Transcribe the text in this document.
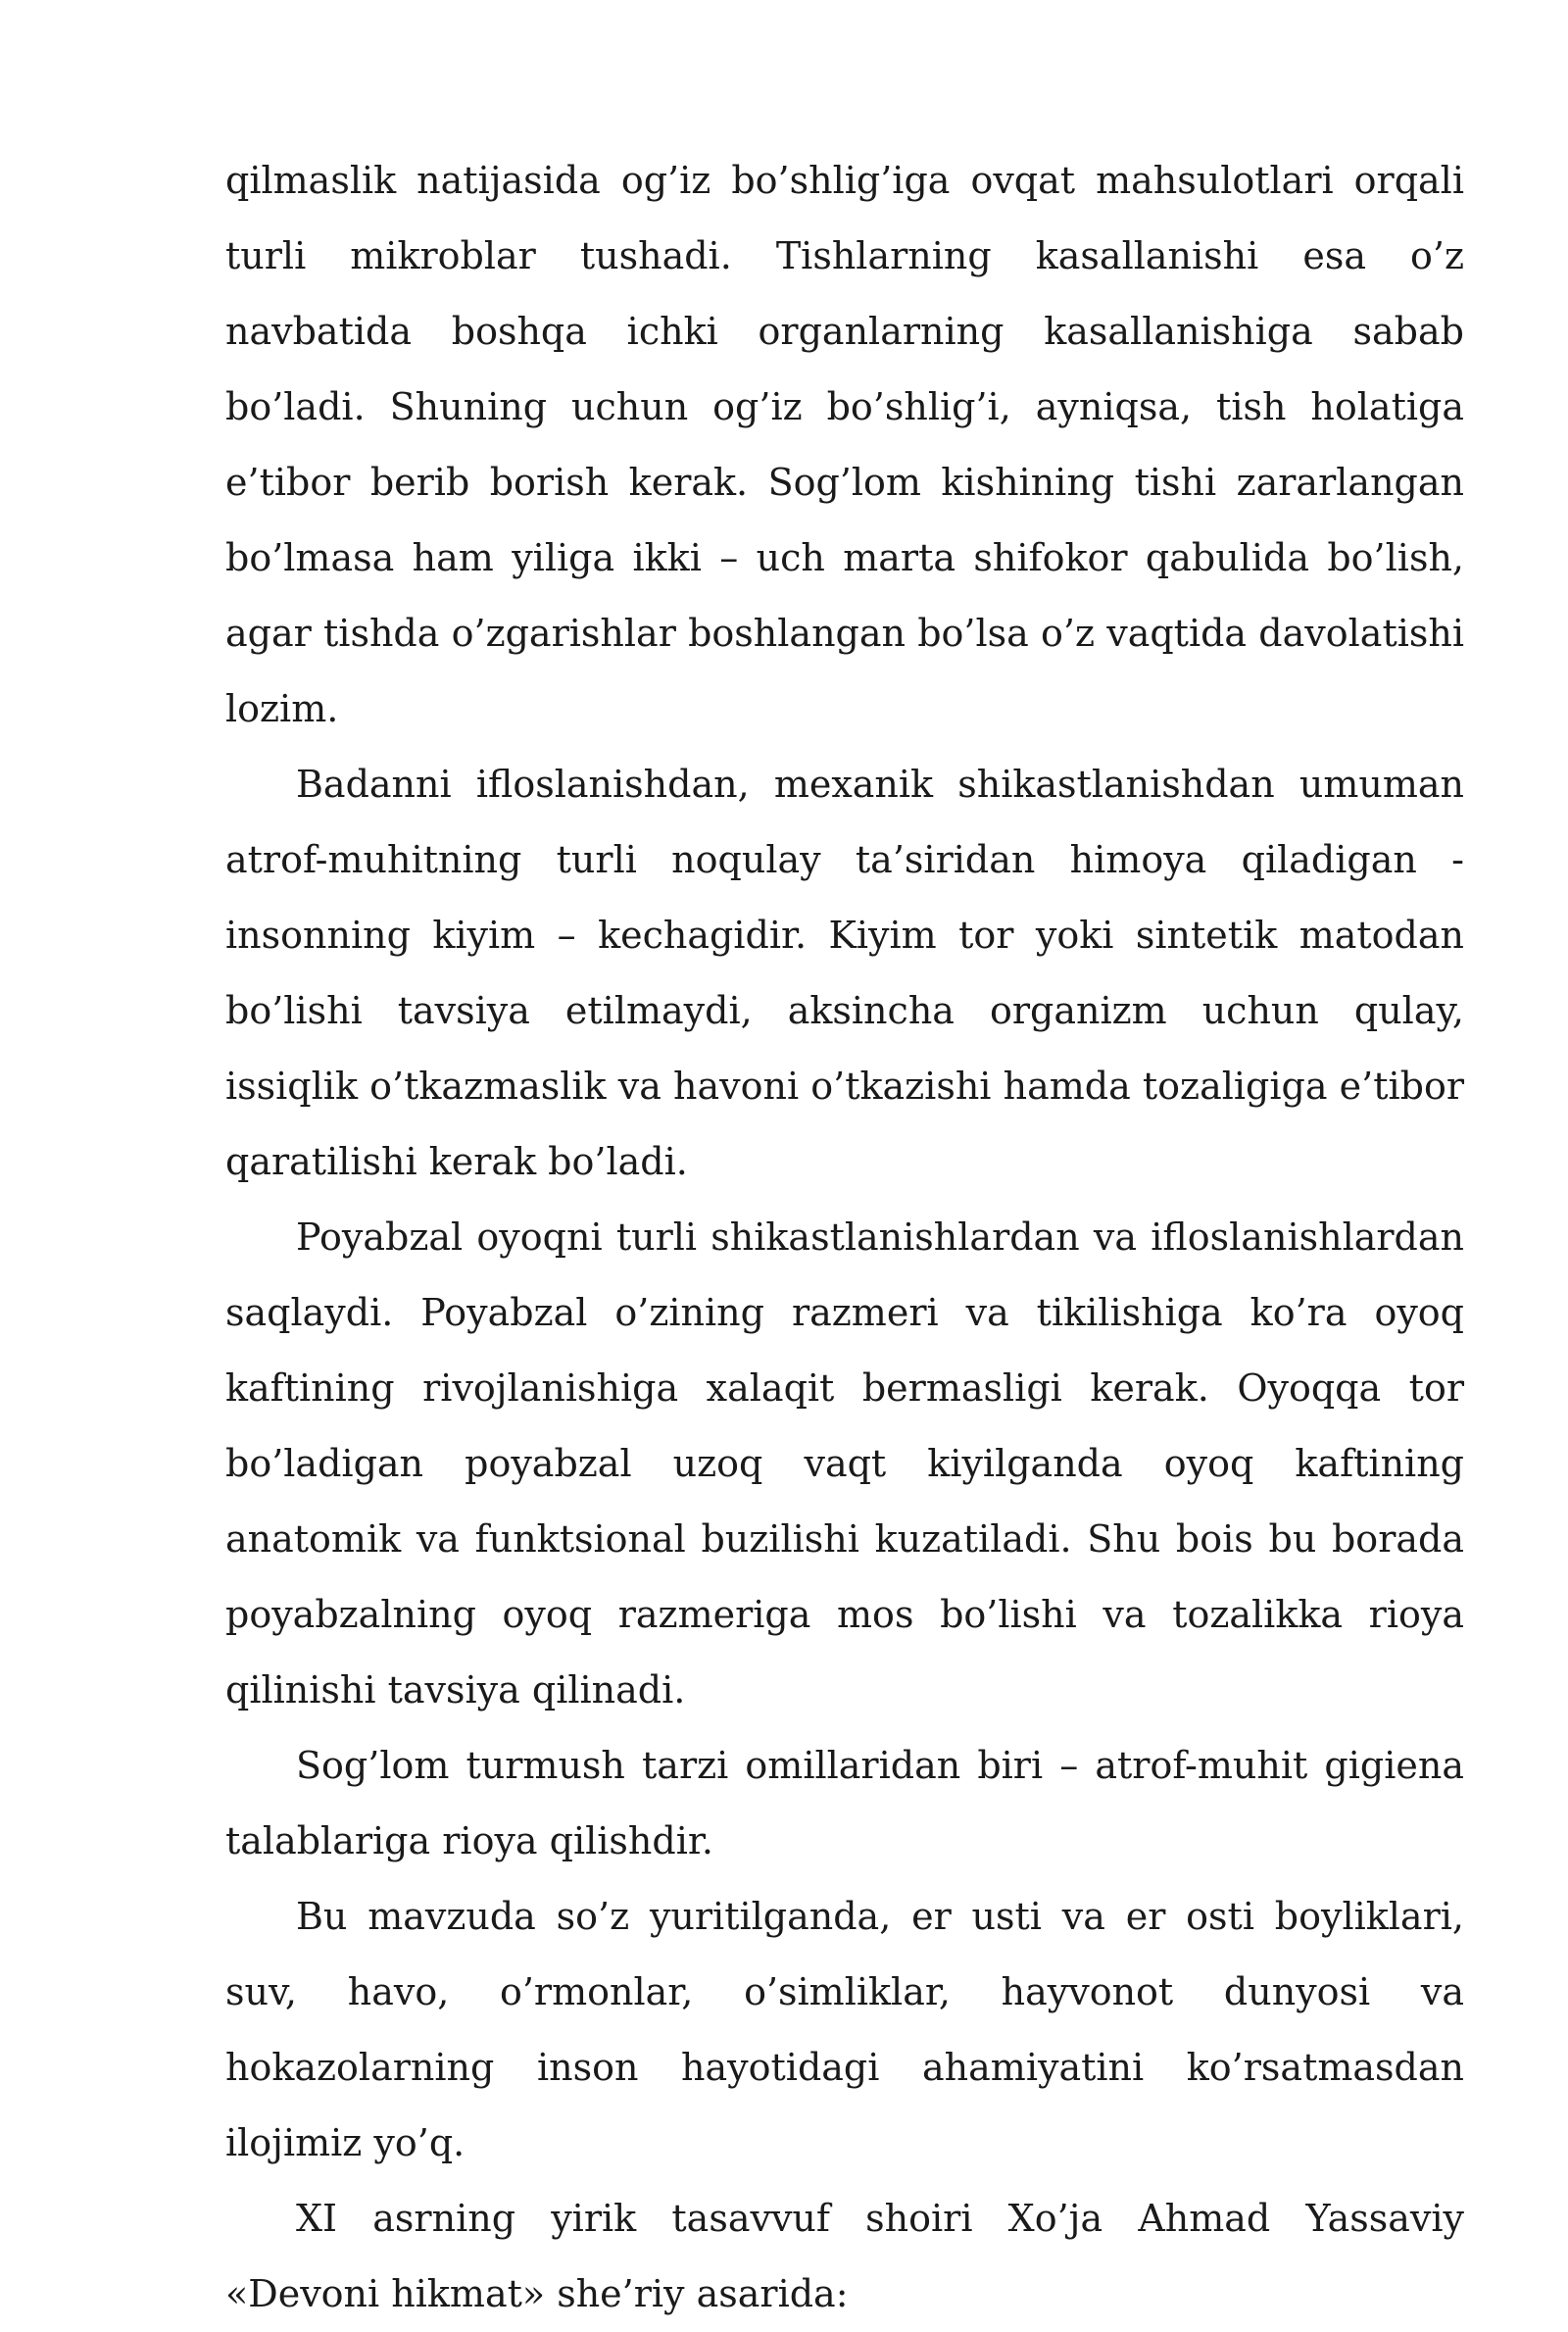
qilmaslik natijasida og’iz bo’shlig’iga ovqat mahsulotlari orqali turli mikroblar tushadi. Tishlarning kasallanishi esa o’z navbatida boshqa ichki organlarning kasallanishiga sabab bo’ladi. Shuning uchun og’iz bo’shlig’i, ayniqsa, tish holatiga e’tibor berib borish kerak. Sog’lom kishining tishi zararlangan bo’lmasa ham yiliga ikki – uch marta shifokor qabulida bo’lish, agar tishda o’zgarishlar boshlangan bo’lsa o’z vaqtida davolatishi lozim.

Badanni ifloslanishdan, mexanik shikastlanishdan umuman atrof-muhitning turli noqulay ta’siridan himoya qiladigan - insonning kiyim – kechagidir. Kiyim tor yoki sintetik matodan bo’lishi tavsiya etilmaydi, aksincha organizm uchun qulay, issiqlik o’tkazmaslik va havoni o’tkazishi hamda tozaligiga e’tibor qaratilishi kerak bo’ladi.

Poyabzal oyoqni turli shikastlanishlardan va ifloslanishlardan saqlaydi. Poyabzal o’zining razmeri va tikilishiga ko’ra oyoq kaftining rivojlanishiga xalaqit bermasligi kerak. Oyoqqa tor bo’ladigan poyabzal uzoq vaqt kiyilganda oyoq kaftining anatomik va funktsional buzilishi kuzatiladi. Shu bois bu borada poyabzalning oyoq razmeriga mos bo’lishi va tozalikka rioya qilinishi tavsiya qilinadi.

Sog’lom turmush tarzi omillaridan biri – atrof-muhit gigiena talablariga rioya qilishdir.

Bu mavzuda so’z yuritilganda, er usti va er osti boyliklari, suv, havo, o’rmonlar, o’simliklar, hayvonot dunyosi va hokazolarning inson hayotidagi ahamiyatini ko’rsatmasdan ilojimiz yo’q.

XI asrning yirik tasavvuf shoiri Xo’ja Ahmad Yassaviy «Devoni hikmat» she’riy asarida:
